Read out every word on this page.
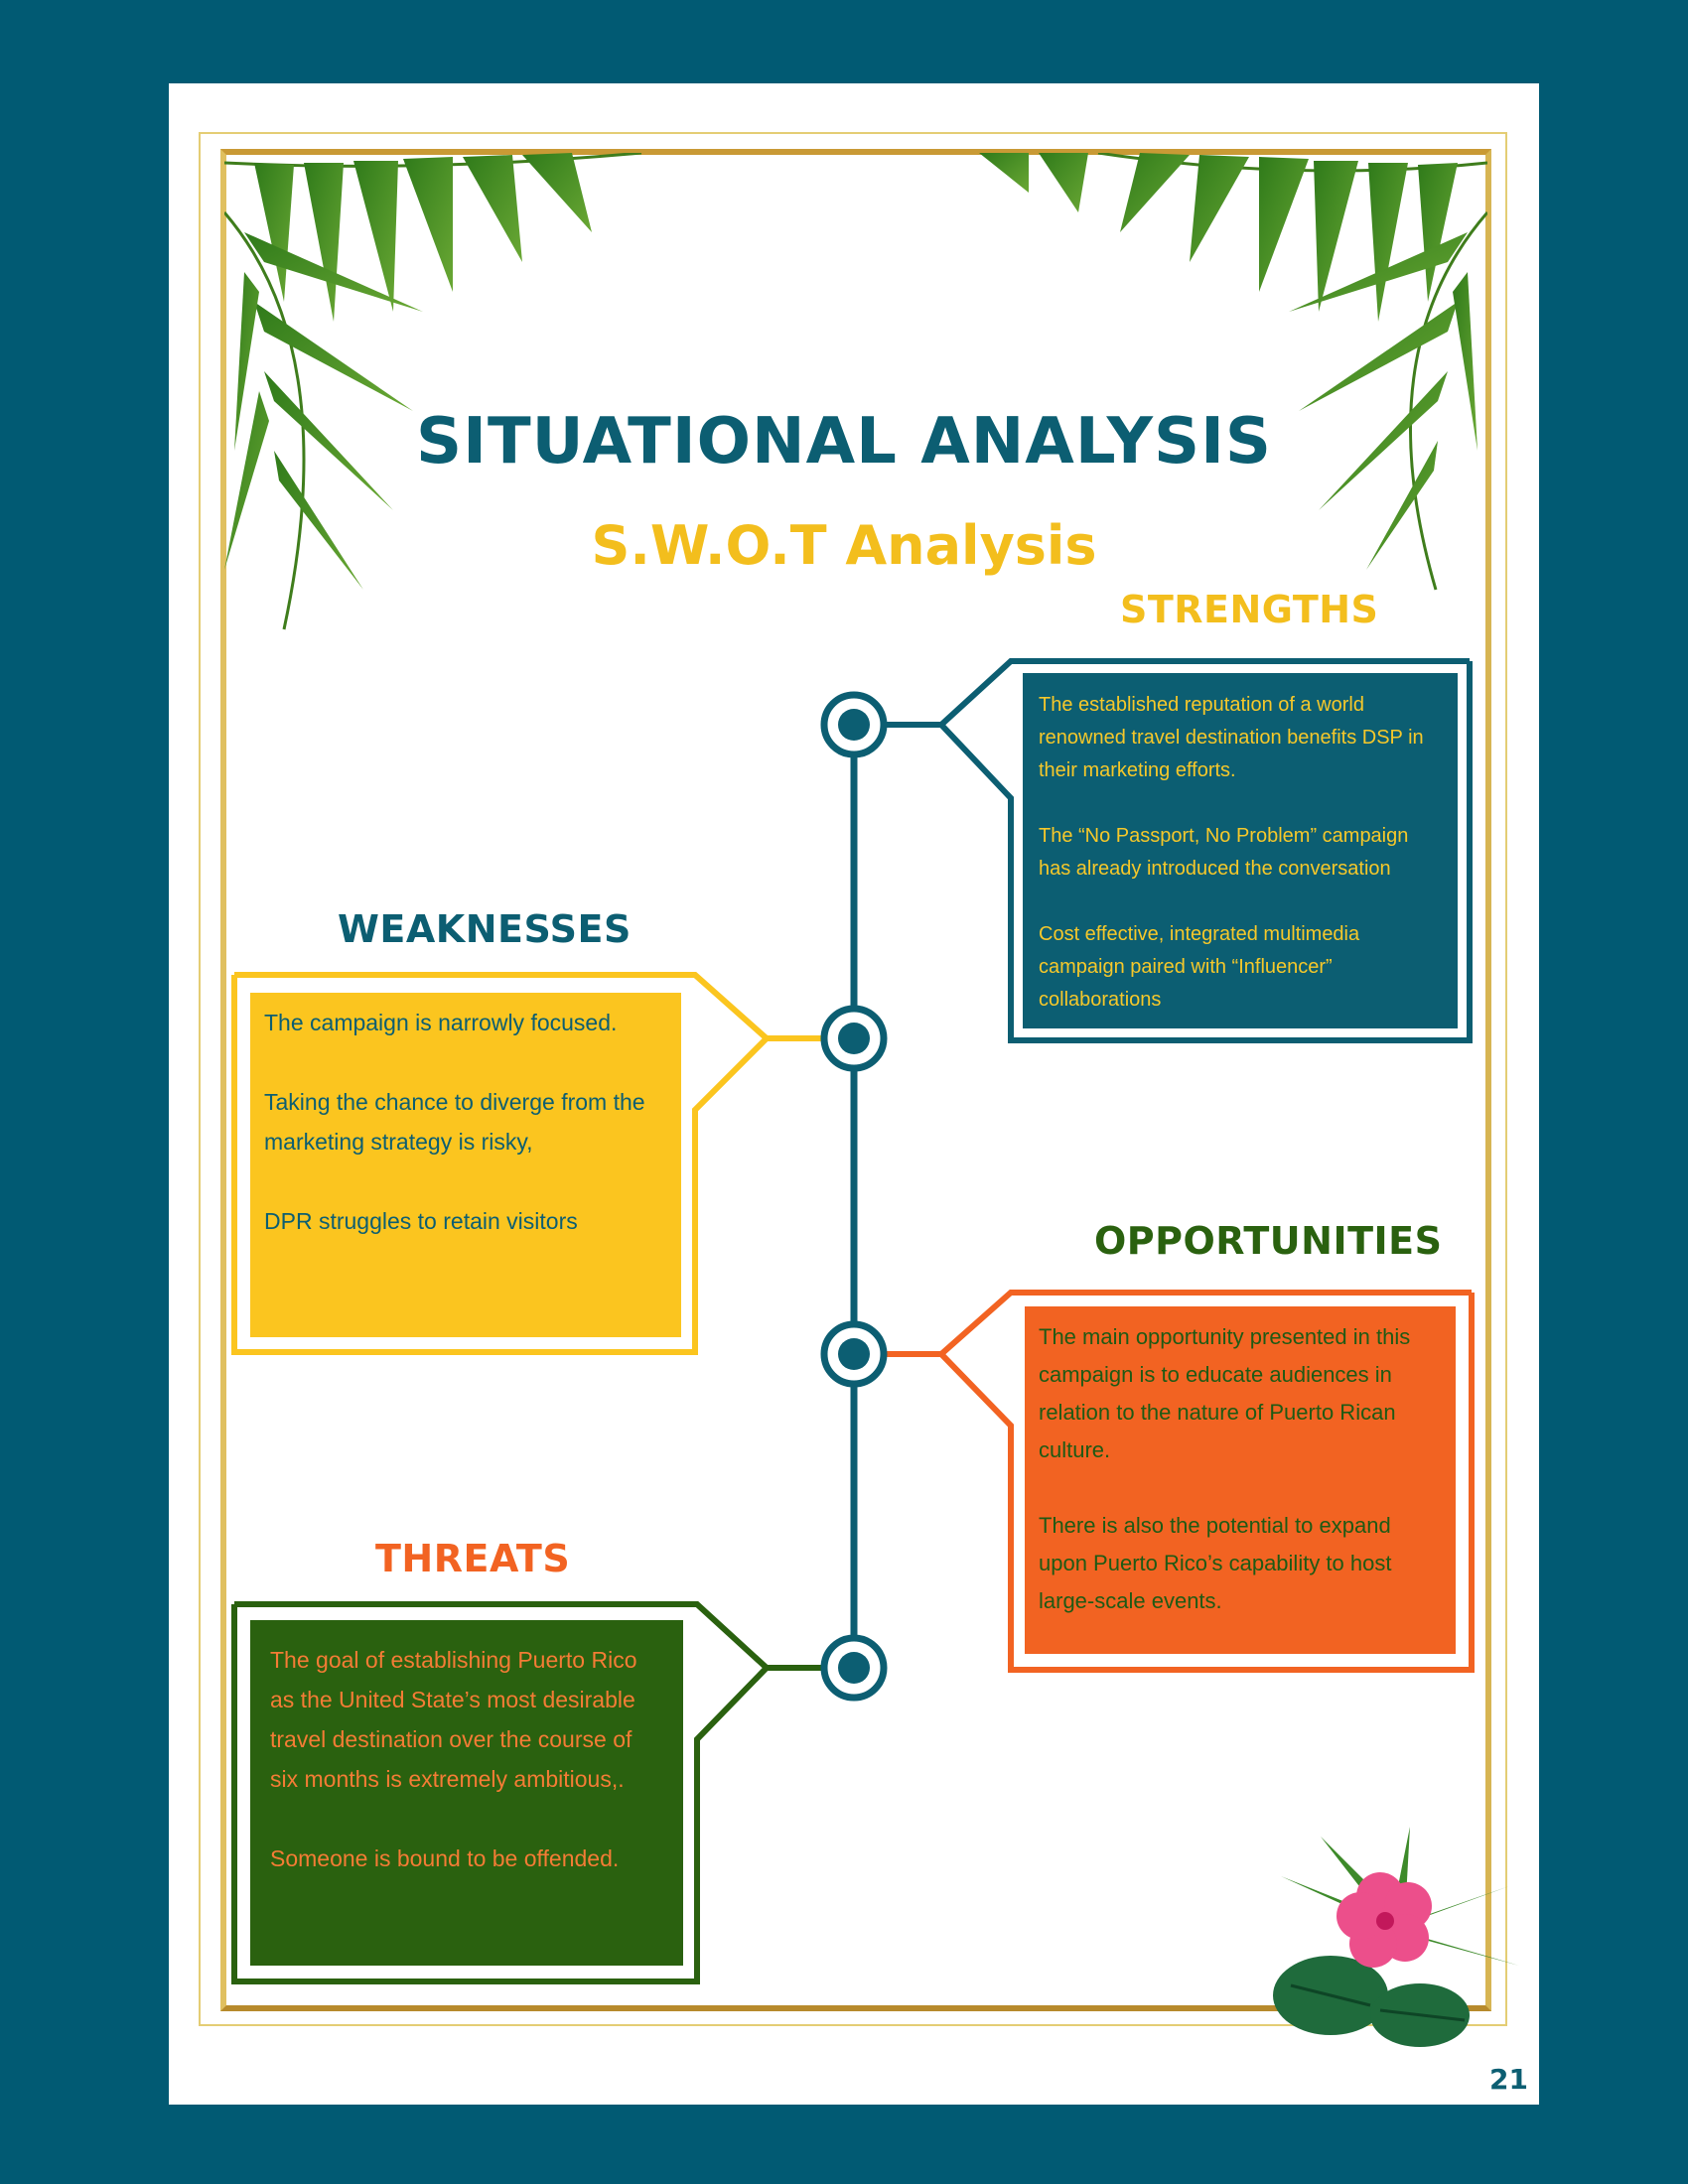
SITUATIONAL ANALYSIS
S.W.O.T Analysis
STRENGTHS
WEAKNESSES
OPPORTUNITIES
THREATS

The established reputation of a world renowned travel destination benefits DSP in their marketing efforts.

The “No Passport, No Problem” campaign has already introduced the conversation

Cost effective, integrated multimedia campaign paired with “Influencer” collaborations

The campaign is narrowly focused.

Taking the chance to diverge from the marketing strategy is risky,

DPR struggles to retain visitors

The main opportunity presented in this campaign is to educate audiences in relation to the nature of Puerto Rican culture.

There is also the potential to expand upon Puerto Rico’s capability to host large-scale events.

The goal of establishing Puerto Rico as the United State’s most desirable travel destination over the course of six months is extremely ambitious,.

Someone is bound to be offended.

21
